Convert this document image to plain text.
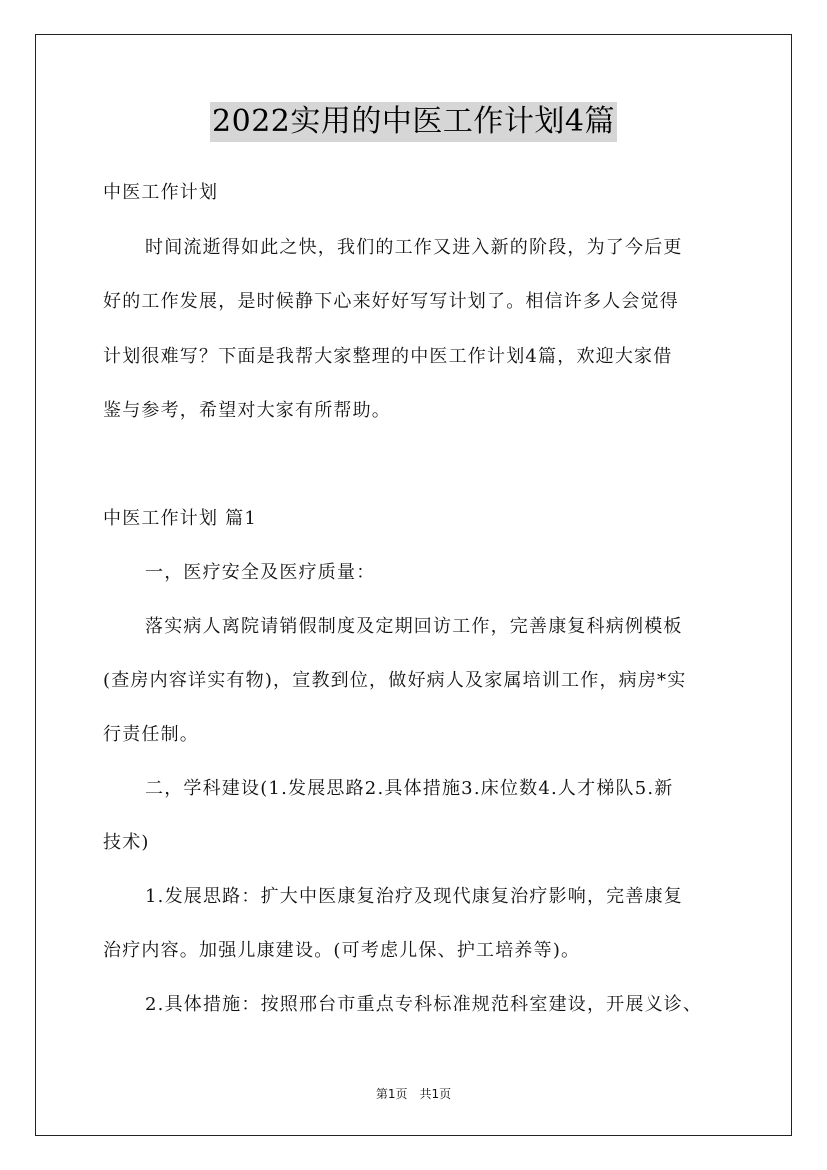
2022实用的中医工作计划4篇
中医工作计划
时间流逝得如此之快，我们的工作又进入新的阶段，为了今后更
好的工作发展，是时候静下心来好好写写计划了。相信许多人会觉得
计划很难写？下面是我帮大家整理的中医工作计划4篇，欢迎大家借
鉴与参考，希望对大家有所帮助。
中医工作计划 篇1
一，医疗安全及医疗质量：
落实病人离院请销假制度及定期回访工作，完善康复科病例模板
(查房内容详实有物)，宣教到位，做好病人及家属培训工作，病房*实
行责任制。
二，学科建设(1.发展思路2.具体措施3.床位数4.人才梯队5.新
技术)
1.发展思路：扩大中医康复治疗及现代康复治疗影响，完善康复
治疗内容。加强儿康建设。(可考虑儿保、护工培养等)。
2.具体措施：按照邢台市重点专科标准规范科室建设，开展义诊、
第1页　共1页
